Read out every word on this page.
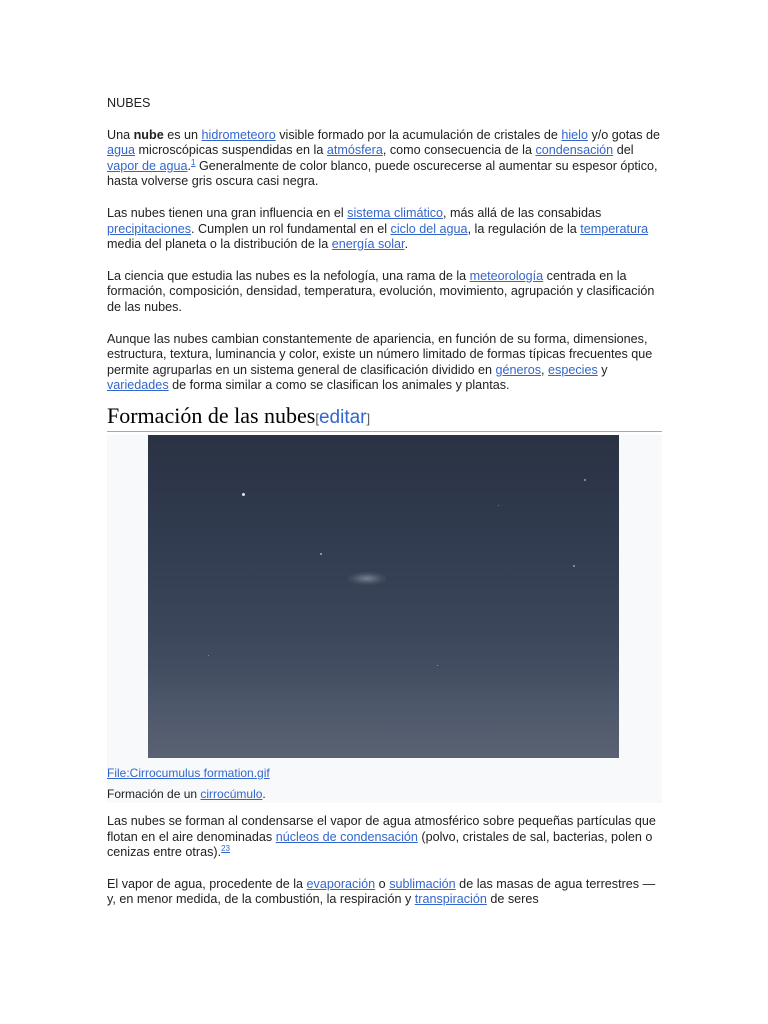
NUBES

Una nube es un hidrometeoro visible formado por la acumulación de cristales de hielo y/o gotas de agua microscópicas suspendidas en la atmósfera, como consecuencia de la condensación del vapor de agua.$^1$ Generalmente de color blanco, puede oscurecerse al aumentar su espesor óptico, hasta volverse gris oscura casi negra.

Las nubes tienen una gran influencia en el sistema climático, más allá de las consabidas precipitaciones. Cumplen un rol fundamental en el ciclo del agua, la regulación de la temperatura media del planeta o la distribución de la energía solar.

La ciencia que estudia las nubes es la nefología, una rama de la meteorología centrada en la formación, composición, densidad, temperatura, evolución, movimiento, agrupación y clasificación de las nubes.

Aunque las nubes cambian constantemente de apariencia, en función de su forma, dimensiones, estructura, textura, luminancia y color, existe un número limitado de formas típicas frecuentes que permite agruparlas en un sistema general de clasificación dividido en géneros, especies y variedades de forma similar a como se clasifican los animales y plantas.

Formación de las nubes[editar]
File:Cirrocumulus formation.gif
Formación de un cirrocúmulo.

Las nubes se forman al condensarse el vapor de agua atmosférico sobre pequeñas partículas que flotan en el aire denominadas núcleos de condensación (polvo, cristales de sal, bacterias, polen o cenizas entre otras).$^{23}$

El vapor de agua, procedente de la evaporación o sublimación de las masas de agua terrestres —y, en menor medida, de la combustión, la respiración y transpiración de seres
